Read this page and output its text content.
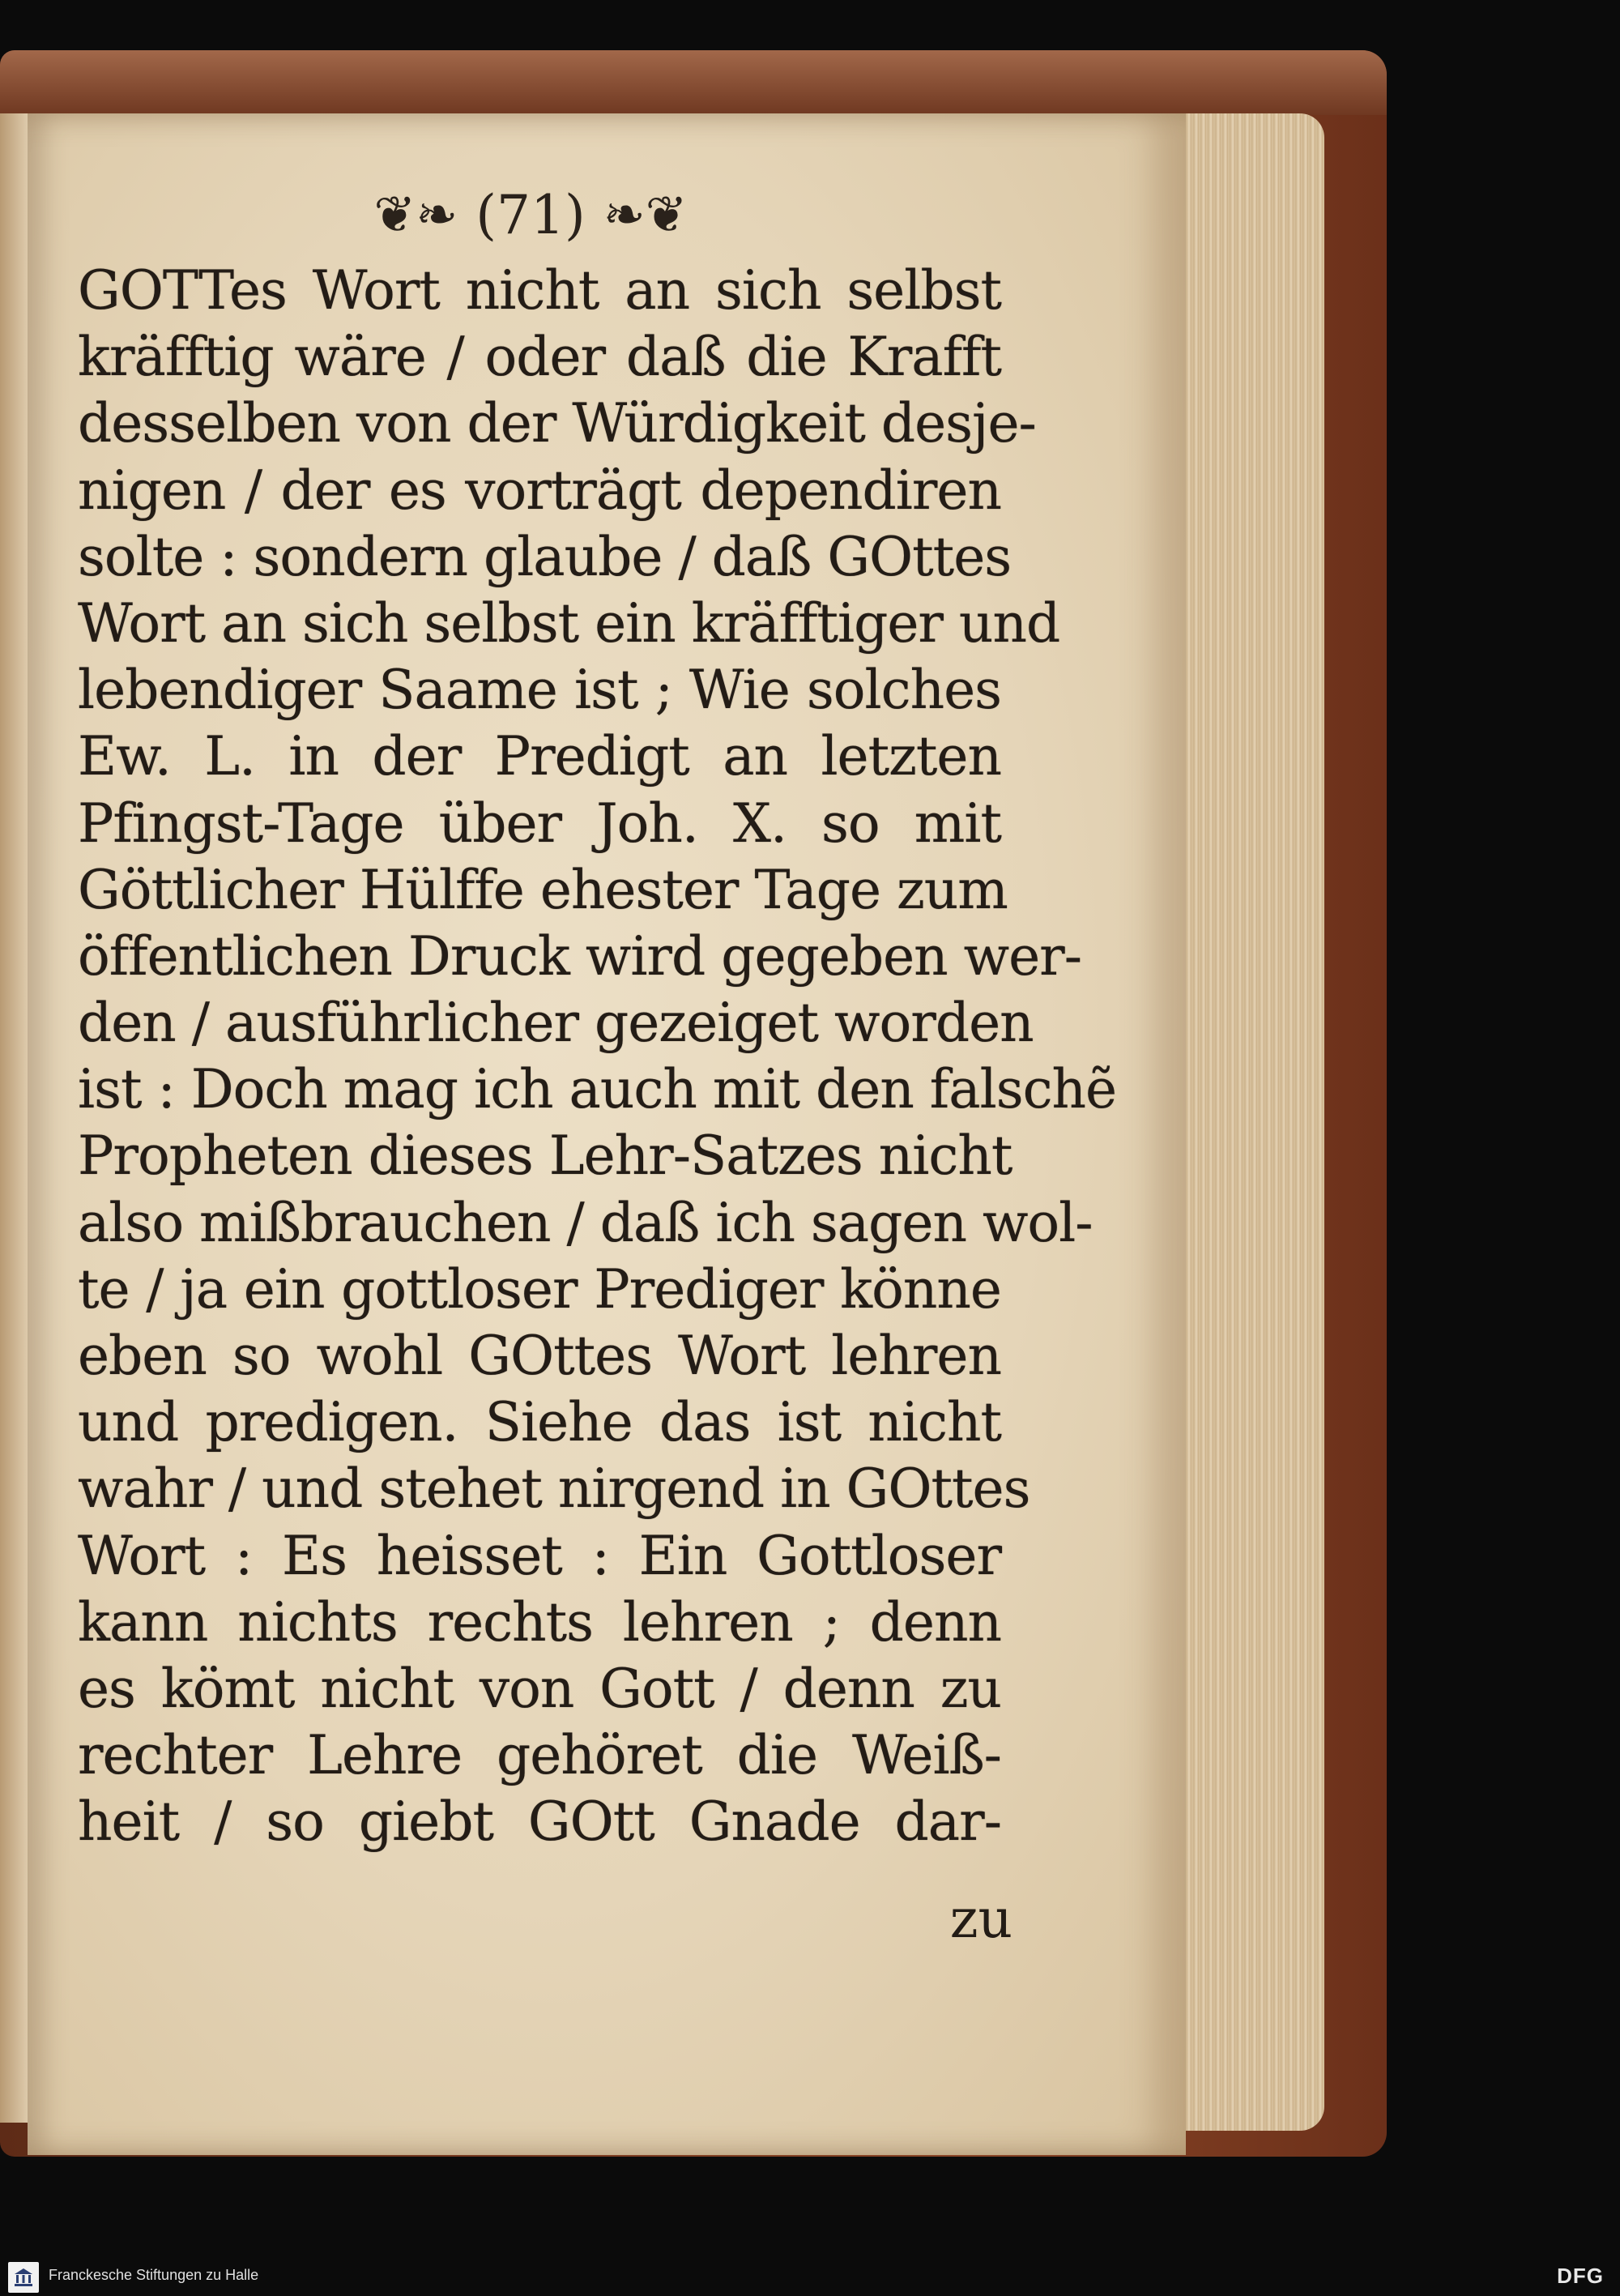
❦❧ (71) ❧❦
GOTTes Wort nicht an sich selbst
kräfftig wäre / oder daß die Krafft
desselben von der Würdigkeit desje-
nigen / der es vorträgt dependiren
solte : sondern glaube / daß GOttes
Wort an sich selbst ein kräfftiger und
lebendiger Saame ist ; Wie solches
Ew. L. in der Predigt an letzten
Pfingst-Tage über Joh. X. so mit
Göttlicher Hülffe ehester Tage zum
öffentlichen Druck wird gegeben wer-
den / ausführlicher gezeiget worden
ist : Doch mag ich auch mit den falschẽ
Propheten dieses Lehr-Satzes nicht
also mißbrauchen / daß ich sagen wol-
te / ja ein gottloser Prediger könne
eben so wohl GOttes Wort lehren
und predigen. Siehe das ist nicht
wahr / und stehet nirgend in GOttes
Wort : Es heisset : Ein Gottloser
kann nichts rechts lehren ; denn
es kömt nicht von Gott / denn zu
rechter Lehre gehöret die Weiß-
heit / so giebt GOtt Gnade dar-
zu
Franckesche Stiftungen zu Halle	DFG
